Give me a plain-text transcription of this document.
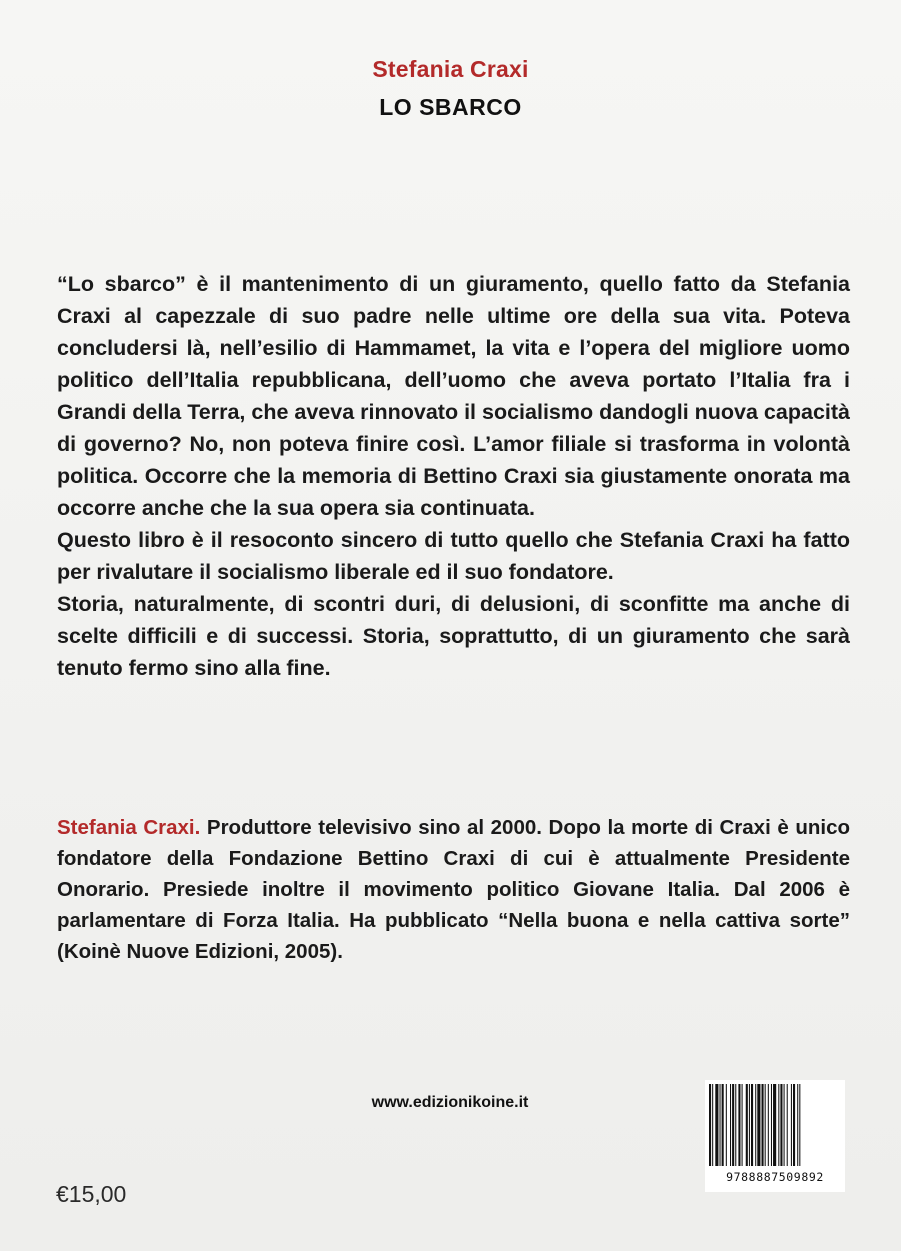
Stefania Craxi
LO SBARCO

“Lo sbarco” è il mantenimento di un giuramento, quello fatto da Stefania Craxi al capezzale di suo padre nelle ultime ore della sua vita. Poteva concludersi là, nell’esilio di Hammamet, la vita e l’opera del migliore uomo politico dell’Italia repubblicana, dell’uomo che aveva portato l’Italia fra i Grandi della Terra, che aveva rinnovato il socialismo dandogli nuova capacità di governo? No, non poteva finire così. L’amor filiale si trasforma in volontà politica. Occorre che la memoria di Bettino Craxi sia giustamente onorata ma occorre anche che la sua opera sia continuata.

Questo libro è il resoconto sincero di tutto quello che Stefania Craxi ha fatto per rivalutare il socialismo liberale ed il suo fondatore.

Storia, naturalmente, di scontri duri, di delusioni, di sconfitte ma anche di scelte difficili e di successi. Storia, soprattutto, di un giuramento che sarà tenuto fermo sino alla fine.

Stefania Craxi. Produttore televisivo sino al 2000. Dopo la morte di Craxi è unico fondatore della Fondazione Bettino Craxi di cui è attualmente Presidente Onorario. Presiede inoltre il movimento politico Giovane Italia. Dal 2006 è parlamentare di Forza Italia. Ha pubblicato “Nella buona e nella cattiva sorte” (Koinè Nuove Edizioni, 2005).
www.edizionikoine.it
€15,00
9788887509892
